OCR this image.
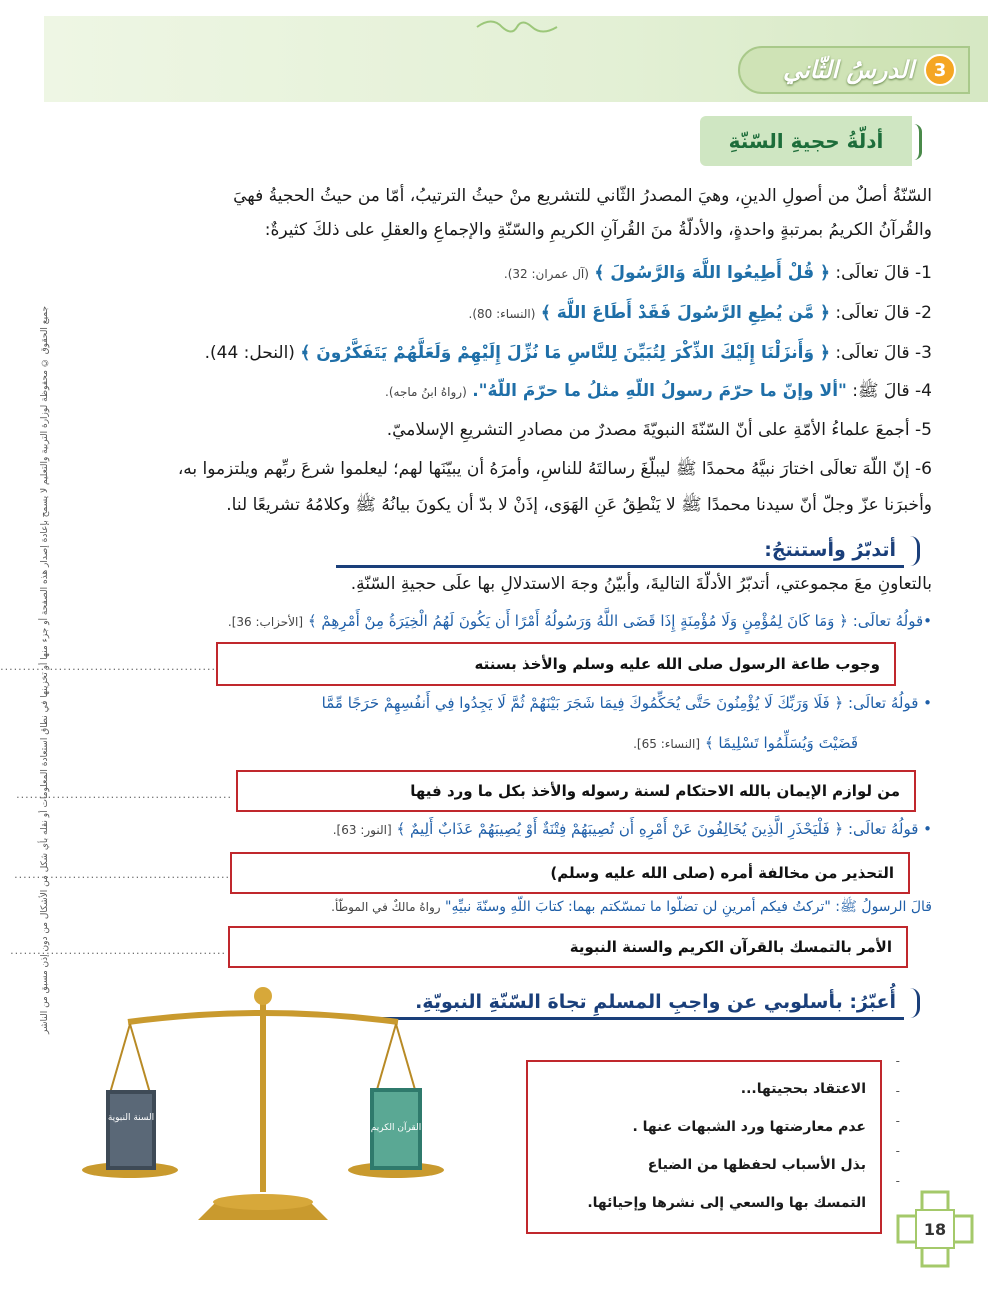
3
الدرسُ الثّاني
أدلّةُ حجيةِ السّنّةِ
جميع الحقوق © محفوظة لوزارة التربية والتعليم لا يسمح بإعادة إصدار هذه الصفحة أو جزء منها أو تخزينها في نطاق استعادة المعلومات أو نقله بأي شكل من الأشكال من دون إذن مسبق من الناشر
السّنّةُ أصلٌ من أصولِ الدينِ، وهيَ المصدرُ الثّاني للتشريع منْ حيثُ الترتيبُ، أمّا من حيثُ الحجيةُ فهيَ
والقُرآنُ الكريمُ بمرتبةٍ واحدةٍ، والأدلّةُ منَ القُرآنِ الكريمِ والسّنّةِ والإجماعِ والعقلِ على ذلكَ كثيرةٌ:
1- قالَ تعالَى: ﴿ قُلْ أَطِيعُوا اللَّهَ وَالرَّسُولَ ﴾ (آل عمران: 32).
2- قالَ تعالَى: ﴿ مَّن يُطِعِ الرَّسُولَ فَقَدْ أَطَاعَ اللَّهَ ﴾ (النساء: 80).
3- قالَ تعالَى: ﴿ وَأَنزَلْنَا إِلَيْكَ الذِّكْرَ لِتُبَيِّنَ لِلنَّاسِ مَا نُزِّلَ إِلَيْهِمْ وَلَعَلَّهُمْ يَتَفَكَّرُونَ ﴾ (النحل: 44).
4- قالَ ﷺ: "ألا وإنّ ما حرّمَ رسولُ اللّهِ مثلُ ما حرّمَ اللّهُ". (رواهُ ابنُ ماجه).
5- أجمعَ علماءُ الأمّةِ على أنّ السّنّةَ النبويّةَ مصدرٌ من مصادرِ التشريعِ الإسلاميّ.
6- إنّ اللّهَ تعالَى اختارَ نبيَّهُ محمدًا ﷺ ليبلّغَ رسالتَهُ للناسِ، وأمرَهُ أن يبيّنَها لهم؛ ليعلموا شرعَ ربِّهم ويلتزموا به،
وأخبرَنا عزّ وجلّ أنّ سيدنا محمدًا ﷺ لا يَنْطِقُ عَنِ الهَوَى، إذَنْ لا بدّ أن يكونَ بيانُهُ ﷺ وكلامُهُ تشريعًا لنا.
أتدبّرُ وأستنتجُ:
بالتعاونِ معَ مجموعتي، أتدبّرُ الأدلّةَ التاليةَ، وأبيّنُ وجهَ الاستدلالِ بها علَى حجيةِ السّنّةِ.
•قولُهُ تعالَى: ﴿ وَمَا كَانَ لِمُؤْمِنٍ وَلَا مُؤْمِنَةٍ إِذَا قَضَى اللَّهُ وَرَسُولُهُ أَمْرًا أَن يَكُونَ لَهُمُ الْخِيَرَةُ مِنْ أَمْرِهِمْ ﴾ [الأحزاب: 36].
................................................	وجوب طاعة الرسول صلى الله عليه وسلم والأخذ بسنته
• قولُهُ تعالَى: ﴿ فَلَا وَرَبِّكَ لَا يُؤْمِنُونَ حَتَّى يُحَكِّمُوكَ فِيمَا شَجَرَ بَيْنَهُمْ ثُمَّ لَا يَجِدُوا فِي أَنفُسِهِمْ حَرَجًا مِّمَّا
قَضَيْتَ وَيُسَلِّمُوا تَسْلِيمًا ﴾ [النساء: 65].
................................................	من لوازم الإيمان بالله الاحتكام لسنة رسوله والأخذ بكل ما ورد فيها
• قولُهُ تعالَى: ﴿ فَلْيَحْذَرِ الَّذِينَ يُخَالِفُونَ عَنْ أَمْرِهِ أَن تُصِيبَهُمْ فِتْنَةٌ أَوْ يُصِيبَهُمْ عَذَابٌ أَلِيمٌ ﴾ [النور: 63].
................................................	التحذير من مخالفة أمره (صلى الله عليه وسلم)
قالَ الرسولُ ﷺ: "تركتُ فيكم أمرينِ لن تضلّوا ما تمسّكتم بهما: كتابَ اللّهِ وسنّةَ نبيِّهِ" رواهُ مالكٌ في الموطّأ.
................................................	الأمر بالتمسك بالقرآن الكريم والسنة النبوية
أُعبّرُ: بأسلوبي عن واجبِ المسلمِ تجاهَ السّنّةِ النبويّةِ.
السنة النبوية
القرآن الكريم
الاعتقاد بحجيتها...
عدم معارضتها ورد الشبهات عنها .
بذل الأسباب لحفظها من الضياع
التمسك بها والسعي إلى نشرها وإحيائها.
-
-
-
-
-
18
